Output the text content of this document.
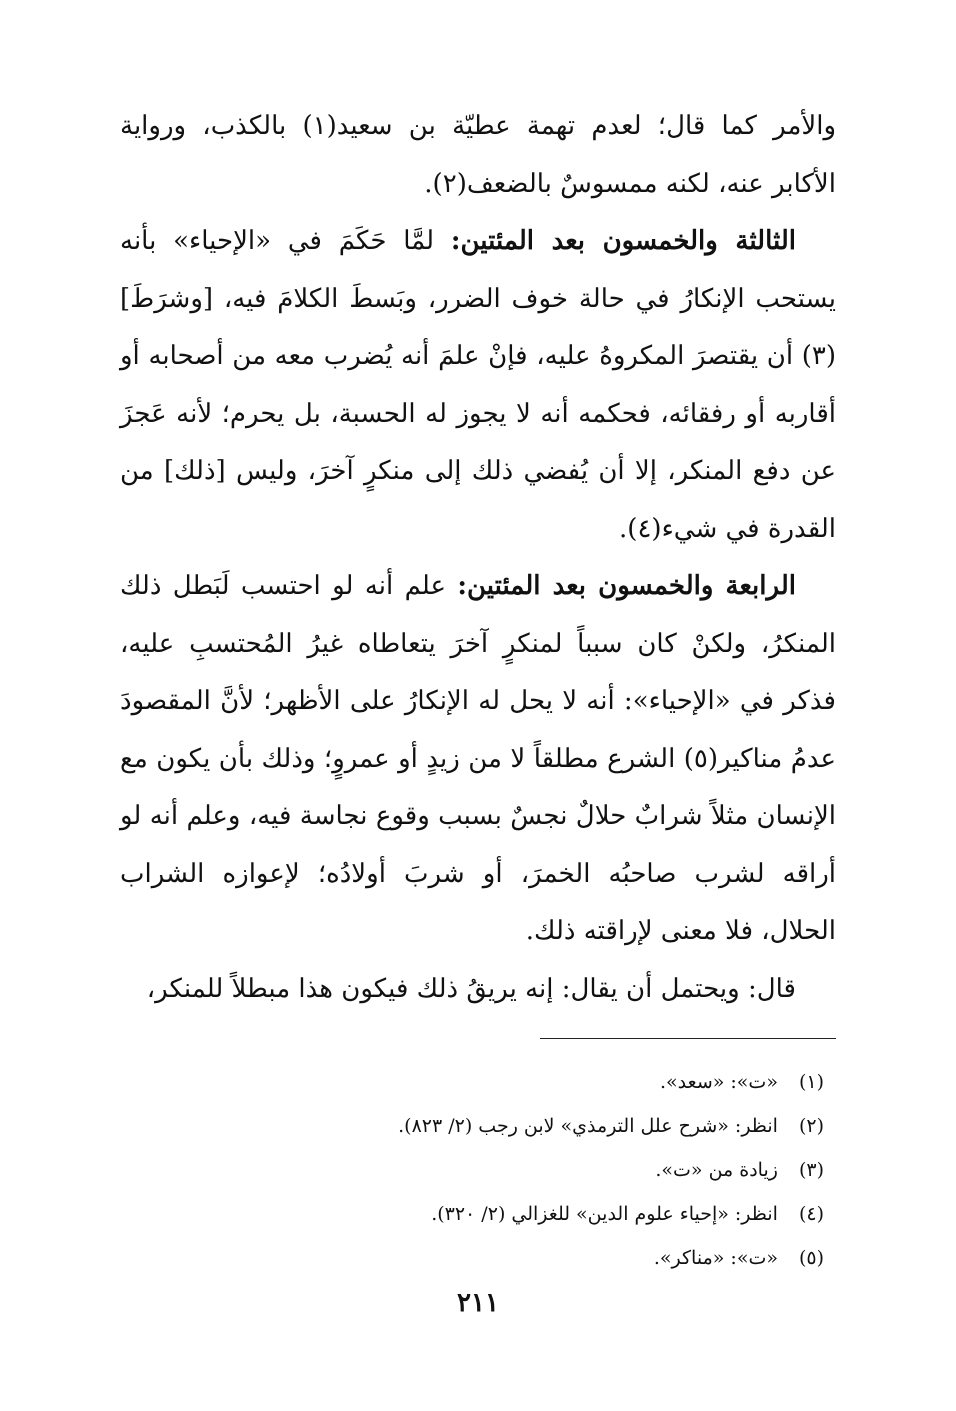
والأمر كما قال؛ لعدم تهمة عطيّة بن سعيد(١) بالكذب، ورواية الأكابر عنه، لكنه ممسوسٌ بالضعف(٢).

الثالثة والخمسون بعد المئتين: لمَّا حَكَمَ في «الإحياء» بأنه يستحب الإنكارُ في حالة خوف الضرر، وبَسطَ الكلامَ فيه، [وشرَطَ](٣) أن يقتصرَ المكروهُ عليه، فإنْ علمَ أنه يُضرب معه من أصحابه أو أقاربه أو رفقائه، فحكمه أنه لا يجوز له الحسبة، بل يحرم؛ لأنه عَجزَ عن دفع المنكر، إلا أن يُفضي ذلك إلى منكرٍ آخرَ، وليس [ذلك] من القدرة في شيء(٤).

الرابعة والخمسون بعد المئتين: علم أنه لو احتسب لَبَطل ذلك المنكرُ، ولكنْ كان سبباً لمنكرٍ آخرَ يتعاطاه غيرُ المُحتسبِ عليه، فذكر في «الإحياء»: أنه لا يحل له الإنكارُ على الأظهر؛ لأنَّ المقصودَ عدمُ مناكير(٥) الشرع مطلقاً لا من زيدٍ أو عمروٍ؛ وذلك بأن يكون مع الإنسان مثلاً شرابٌ حلالٌ نجسٌ بسبب وقوع نجاسة فيه، وعلم أنه لو أراقه لشرب صاحبُه الخمرَ، أو شربَ أولادُه؛ لإعوازه الشراب الحلال، فلا معنى لإراقته ذلك.

قال: ويحتمل أن يقال: إنه يريقُ ذلك فيكون هذا مبطلاً للمنكر،

(١) «ت»: «سعد».

(٢) انظر: «شرح علل الترمذي» لابن رجب (٢/ ٨٢٣).

(٣) زيادة من «ت».

(٤) انظر: «إحياء علوم الدين» للغزالي (٢/ ٣٢٠).

(٥) «ت»: «مناكر».

٢١١
